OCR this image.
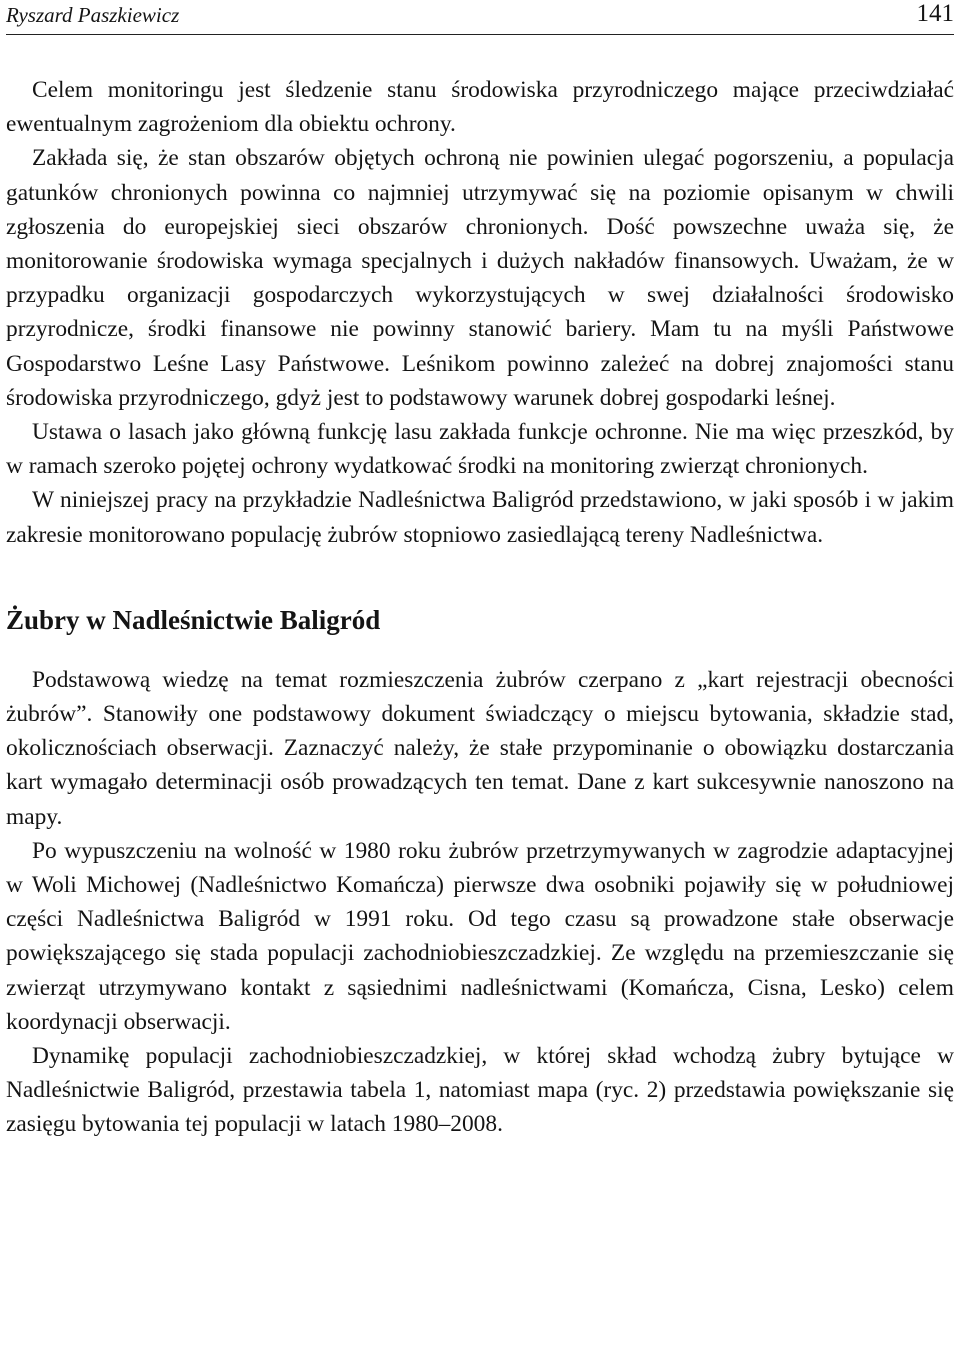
Ryszard Paszkiewicz	141

Celem monitoringu jest śledzenie stanu środowiska przyrodniczego mające przeciwdziałać ewentualnym zagrożeniom dla obiektu ochrony.

Zakłada się, że stan obszarów objętych ochroną nie powinien ulegać pogorszeniu, a populacja gatunków chronionych powinna co najmniej utrzymywać się na poziomie opisanym w chwili zgłoszenia do europejskiej sieci obszarów chronionych. Dość powszechne uważa się, że monitorowanie środowiska wymaga specjalnych i dużych nakładów finansowych. Uważam, że w przypadku organizacji gospodarczych wykorzystujących w swej działalności środowisko przyrodnicze, środki finansowe nie powinny stanowić bariery. Mam tu na myśli Państwowe Gospodarstwo Leśne Lasy Państwowe. Leśnikom powinno zależeć na dobrej znajomości stanu środowiska przyrodniczego, gdyż jest to podstawowy warunek dobrej gospodarki leśnej.

Ustawa o lasach jako główną funkcję lasu zakłada funkcje ochronne. Nie ma więc przeszkód, by w ramach szeroko pojętej ochrony wydatkować środki na monitoring zwierząt chronionych.

W niniejszej pracy na przykładzie Nadleśnictwa Baligród przedstawiono, w jaki sposób i w jakim zakresie monitorowano populację żubrów stopniowo zasiedlającą tereny Nadleśnictwa.

Żubry w Nadleśnictwie Baligród

Podstawową wiedzę na temat rozmieszczenia żubrów czerpano z „kart rejestracji obecności żubrów”. Stanowiły one podstawowy dokument świadczący o miejscu bytowania, składzie stad, okolicznościach obserwacji. Zaznaczyć należy, że stałe przypominanie o obowiązku dostarczania kart wymagało determinacji osób prowadzących ten temat. Dane z kart sukcesywnie nanoszono na mapy.

Po wypuszczeniu na wolność w 1980 roku żubrów przetrzymywanych w zagrodzie adaptacyjnej w Woli Michowej (Nadleśnictwo Komańcza) pierwsze dwa osobniki pojawiły się w południowej części Nadleśnictwa Baligród w 1991 roku. Od tego czasu są prowadzone stałe obserwacje powiększającego się stada populacji zachodniobieszczadzkiej. Ze względu na przemieszczanie się zwierząt utrzymywano kontakt z sąsiednimi nadleśnictwami (Komańcza, Cisna, Lesko) celem koordynacji obserwacji.

Dynamikę populacji zachodniobieszczadzkiej, w której skład wchodzą żubry bytujące w Nadleśnictwie Baligród, przestawia tabela 1, natomiast mapa (ryc. 2) przedstawia powiększanie się zasięgu bytowania tej populacji w latach 1980–2008.
